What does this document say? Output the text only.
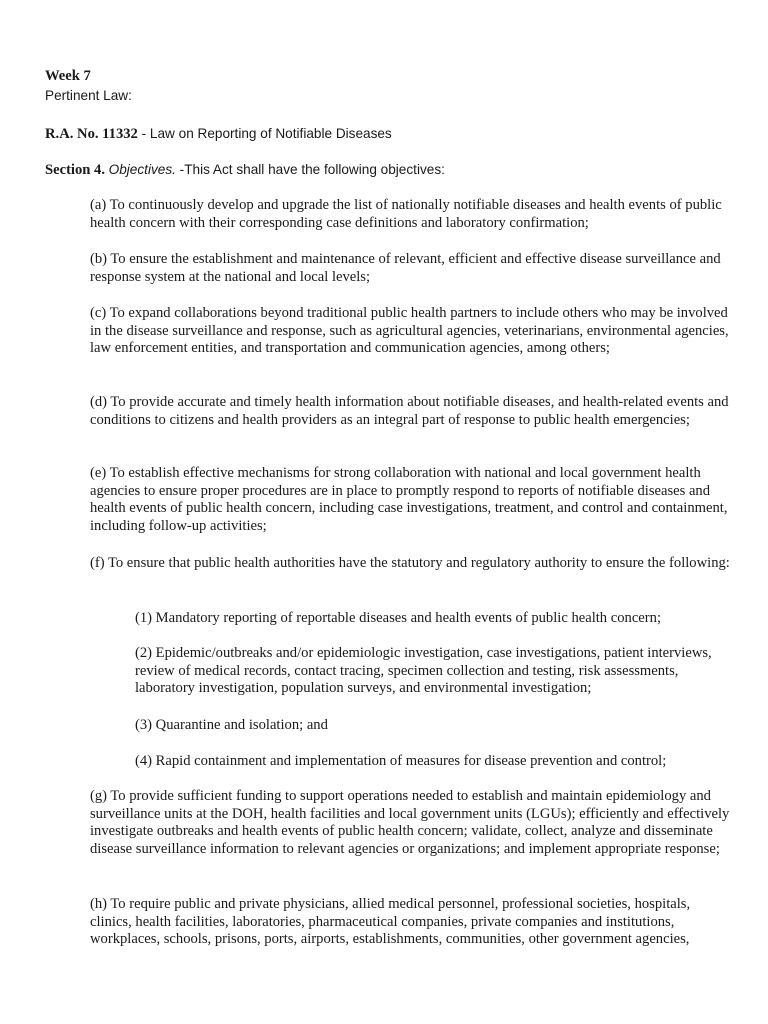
Week 7

Pertinent Law:

R.A. No. 11332 - Law on Reporting of Notifiable Diseases

Section 4. Objectives. -This Act shall have the following objectives:

(a) To continuously develop and upgrade the list of nationally notifiable diseases and health events of public health concern with their corresponding case definitions and laboratory confirmation;

(b) To ensure the establishment and maintenance of relevant, efficient and effective disease surveillance and response system at the national and local levels;

(c) To expand collaborations beyond traditional public health partners to include others who may be involved in the disease surveillance and response, such as agricultural agencies, veterinarians, environmental agencies, law enforcement entities, and transportation and communication agencies, among others;

(d) To provide accurate and timely health information about notifiable diseases, and health-related events and conditions to citizens and health providers as an integral part of response to public health emergencies;

(e) To establish effective mechanisms for strong collaboration with national and local government health agencies to ensure proper procedures are in place to promptly respond to reports of notifiable diseases and health events of public health concern, including case investigations, treatment, and control and containment, including follow-up activities;

(f) To ensure that public health authorities have the statutory and regulatory authority to ensure the following:

(1) Mandatory reporting of reportable diseases and health events of public health concern;

(2) Epidemic/outbreaks and/or epidemiologic investigation, case investigations, patient interviews, review of medical records, contact tracing, specimen collection and testing, risk assessments, laboratory investigation, population surveys, and environmental investigation;

(3) Quarantine and isolation; and

(4) Rapid containment and implementation of measures for disease prevention and control;

(g) To provide sufficient funding to support operations needed to establish and maintain epidemiology and surveillance units at the DOH, health facilities and local government units (LGUs); efficiently and effectively investigate outbreaks and health events of public health concern; validate, collect, analyze and disseminate disease surveillance information to relevant agencies or organizations; and implement appropriate response;

(h) To require public and private physicians, allied medical personnel, professional societies, hospitals, clinics, health facilities, laboratories, pharmaceutical companies, private companies and institutions, workplaces, schools, prisons, ports, airports, establishments, communities, other government agencies,
